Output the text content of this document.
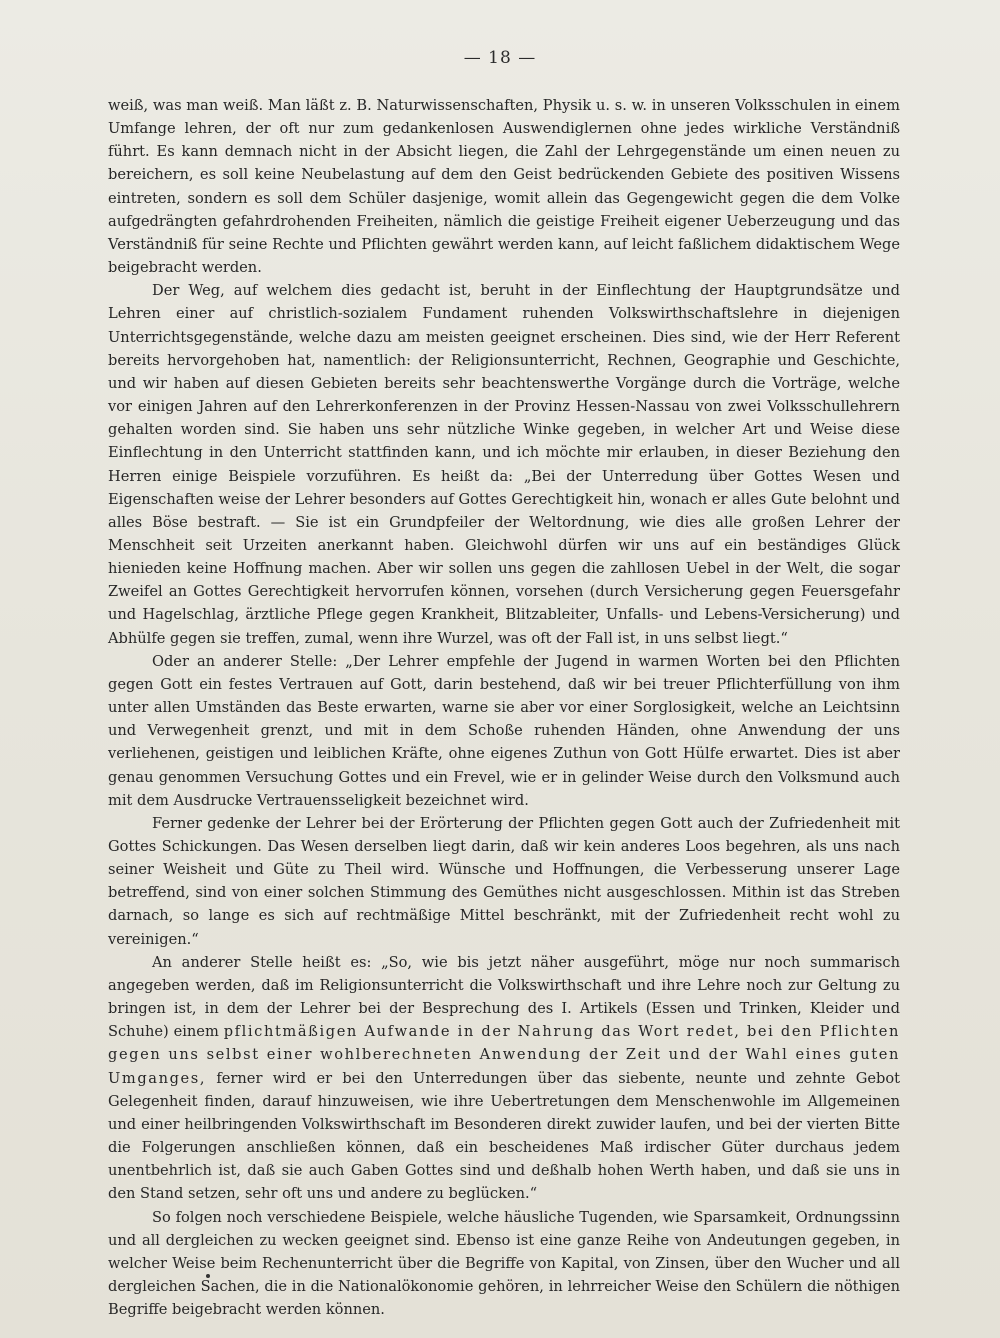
— 18 —

weiß, was man weiß. Man läßt z. B. Naturwissenschaften, Physik u. s. w. in unseren Volksschulen in einem Umfange lehren, der oft nur zum gedankenlosen Auswendiglernen ohne jedes wirkliche Verständniß führt. Es kann demnach nicht in der Absicht liegen, die Zahl der Lehrgegenstände um einen neuen zu bereichern, es soll keine Neubelastung auf dem den Geist bedrückenden Gebiete des positiven Wissens eintreten, sondern es soll dem Schüler dasjenige, womit allein das Gegengewicht gegen die dem Volke aufgedrängten gefahrdrohenden Freiheiten, nämlich die geistige Freiheit eigener Ueberzeugung und das Verständniß für seine Rechte und Pflichten gewährt werden kann, auf leicht faßlichem didaktischem Wege beigebracht werden.

Der Weg, auf welchem dies gedacht ist, beruht in der Einflechtung der Hauptgrundsätze und Lehren einer auf christlich-sozialem Fundament ruhenden Volkswirthschaftslehre in diejenigen Unterrichtsgegenstände, welche dazu am meisten geeignet erscheinen. Dies sind, wie der Herr Referent bereits hervorgehoben hat, namentlich: der Religionsunterricht, Rechnen, Geographie und Geschichte, und wir haben auf diesen Gebieten bereits sehr beachtenswerthe Vorgänge durch die Vorträge, welche vor einigen Jahren auf den Lehrerkonferenzen in der Provinz Hessen-Nassau von zwei Volksschullehrern gehalten worden sind. Sie haben uns sehr nützliche Winke gegeben, in welcher Art und Weise diese Einflechtung in den Unterricht stattfinden kann, und ich möchte mir erlauben, in dieser Beziehung den Herren einige Beispiele vorzuführen. Es heißt da: „Bei der Unterredung über Gottes Wesen und Eigenschaften weise der Lehrer besonders auf Gottes Gerechtigkeit hin, wonach er alles Gute belohnt und alles Böse bestraft. — Sie ist ein Grundpfeiler der Weltordnung, wie dies alle großen Lehrer der Menschheit seit Urzeiten anerkannt haben. Gleichwohl dürfen wir uns auf ein beständiges Glück hienieden keine Hoffnung machen. Aber wir sollen uns gegen die zahllosen Uebel in der Welt, die sogar Zweifel an Gottes Gerechtigkeit hervorrufen können, vorsehen (durch Versicherung gegen Feuersgefahr und Hagelschlag, ärztliche Pflege gegen Krankheit, Blitzableiter, Unfalls- und Lebens-Versicherung) und Abhülfe gegen sie treffen, zumal, wenn ihre Wurzel, was oft der Fall ist, in uns selbst liegt.“

Oder an anderer Stelle: „Der Lehrer empfehle der Jugend in warmen Worten bei den Pflichten gegen Gott ein festes Vertrauen auf Gott, darin bestehend, daß wir bei treuer Pflichterfüllung von ihm unter allen Umständen das Beste erwarten, warne sie aber vor einer Sorglosigkeit, welche an Leichtsinn und Verwegenheit grenzt, und mit in dem Schoße ruhenden Händen, ohne Anwendung der uns verliehenen, geistigen und leiblichen Kräfte, ohne eigenes Zuthun von Gott Hülfe erwartet. Dies ist aber genau genommen Versuchung Gottes und ein Frevel, wie er in gelinder Weise durch den Volksmund auch mit dem Ausdrucke Vertrauensseligkeit bezeichnet wird.

Ferner gedenke der Lehrer bei der Erörterung der Pflichten gegen Gott auch der Zufriedenheit mit Gottes Schickungen. Das Wesen derselben liegt darin, daß wir kein anderes Loos begehren, als uns nach seiner Weisheit und Güte zu Theil wird. Wünsche und Hoffnungen, die Verbesserung unserer Lage betreffend, sind von einer solchen Stimmung des Gemüthes nicht ausgeschlossen. Mithin ist das Streben darnach, so lange es sich auf rechtmäßige Mittel beschränkt, mit der Zufriedenheit recht wohl zu vereinigen.“

An anderer Stelle heißt es: „So, wie bis jetzt näher ausgeführt, möge nur noch summarisch angegeben werden, daß im Religionsunterricht die Volkswirthschaft und ihre Lehre noch zur Geltung zu bringen ist, in dem der Lehrer bei der Besprechung des I. Artikels (Essen und Trinken, Kleider und Schuhe) einem pflichtmäßigen Aufwande in der Nahrung das Wort redet, bei den Pflichten gegen uns selbst einer wohlberechneten Anwendung der Zeit und der Wahl eines guten Umganges, ferner wird er bei den Unterredungen über das siebente, neunte und zehnte Gebot Gelegenheit finden, darauf hinzuweisen, wie ihre Uebertretungen dem Menschenwohle im Allgemeinen und einer heilbringenden Volkswirthschaft im Besonderen direkt zuwider laufen, und bei der vierten Bitte die Folgerungen anschließen können, daß ein bescheidenes Maß irdischer Güter durchaus jedem unentbehrlich ist, daß sie auch Gaben Gottes sind und deßhalb hohen Werth haben, und daß sie uns in den Stand setzen, sehr oft uns und andere zu beglücken.“

So folgen noch verschiedene Beispiele, welche häusliche Tugenden, wie Sparsamkeit, Ordnungssinn und all dergleichen zu wecken geeignet sind. Ebenso ist eine ganze Reihe von Andeutungen gegeben, in welcher Weise beim Rechenunterricht über die Begriffe von Kapital, von Zinsen, über den Wucher und all dergleichen Sachen, die in die Nationalökonomie gehören, in lehrreicher Weise den Schülern die nöthigen Begriffe beigebracht werden können.
